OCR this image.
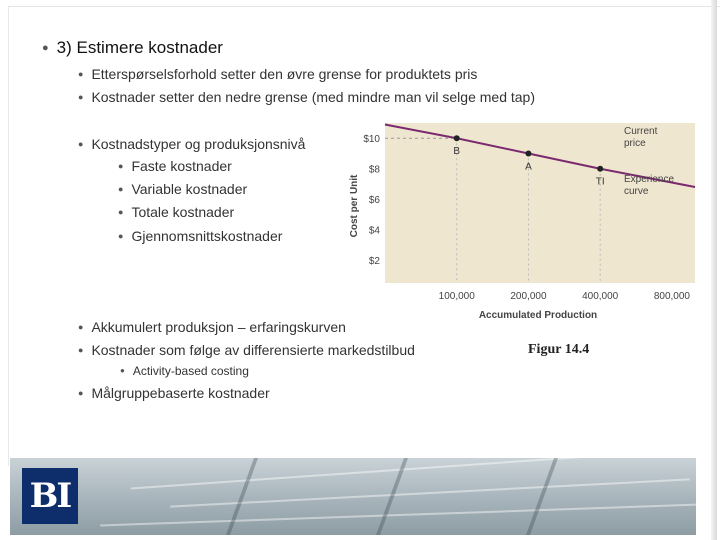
● 3) Estimere kostnader
● Etterspørselsforhold setter den øvre grense for produktets pris
● Kostnader setter den nedre grense (med mindre man vil selge med tap)
● Kostnadstyper og produksjonsnivå
● Faste kostnader
● Variable kostnader
● Totale kostnader
● Gjennomsnittskostnader
● Akkumulert produksjon – erfaringskurven
● Kostnader som følge av differensierte markedstilbud
● Activity-based costing
● Målgruppebaserte kostnader
$10
$8
$6
$4
$2
100,000	200,000	400,000	800,000
B
A
TI
Cost per Unit
Accumulated Production
Current price
Experience curve
Figur 14.4
BI
